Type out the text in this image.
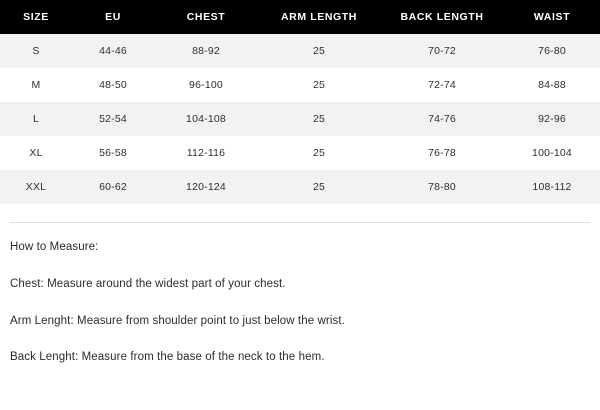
SIZE	EU	CHEST	ARM LENGTH	BACK LENGTH	WAIST
S	44-46	88-92	25	70-72	76-80
M	48-50	96-100	25	72-74	84-88
L	52-54	104-108	25	74-76	92-96
XL	56-58	112-116	25	76-78	100-104
XXL	60-62	120-124	25	78-80	108-112

How to Measure:

Chest: Measure around the widest part of your chest.

Arm Lenght: Measure from shoulder point to just below the wrist.

Back Lenght: Measure from the base of the neck to the hem.
